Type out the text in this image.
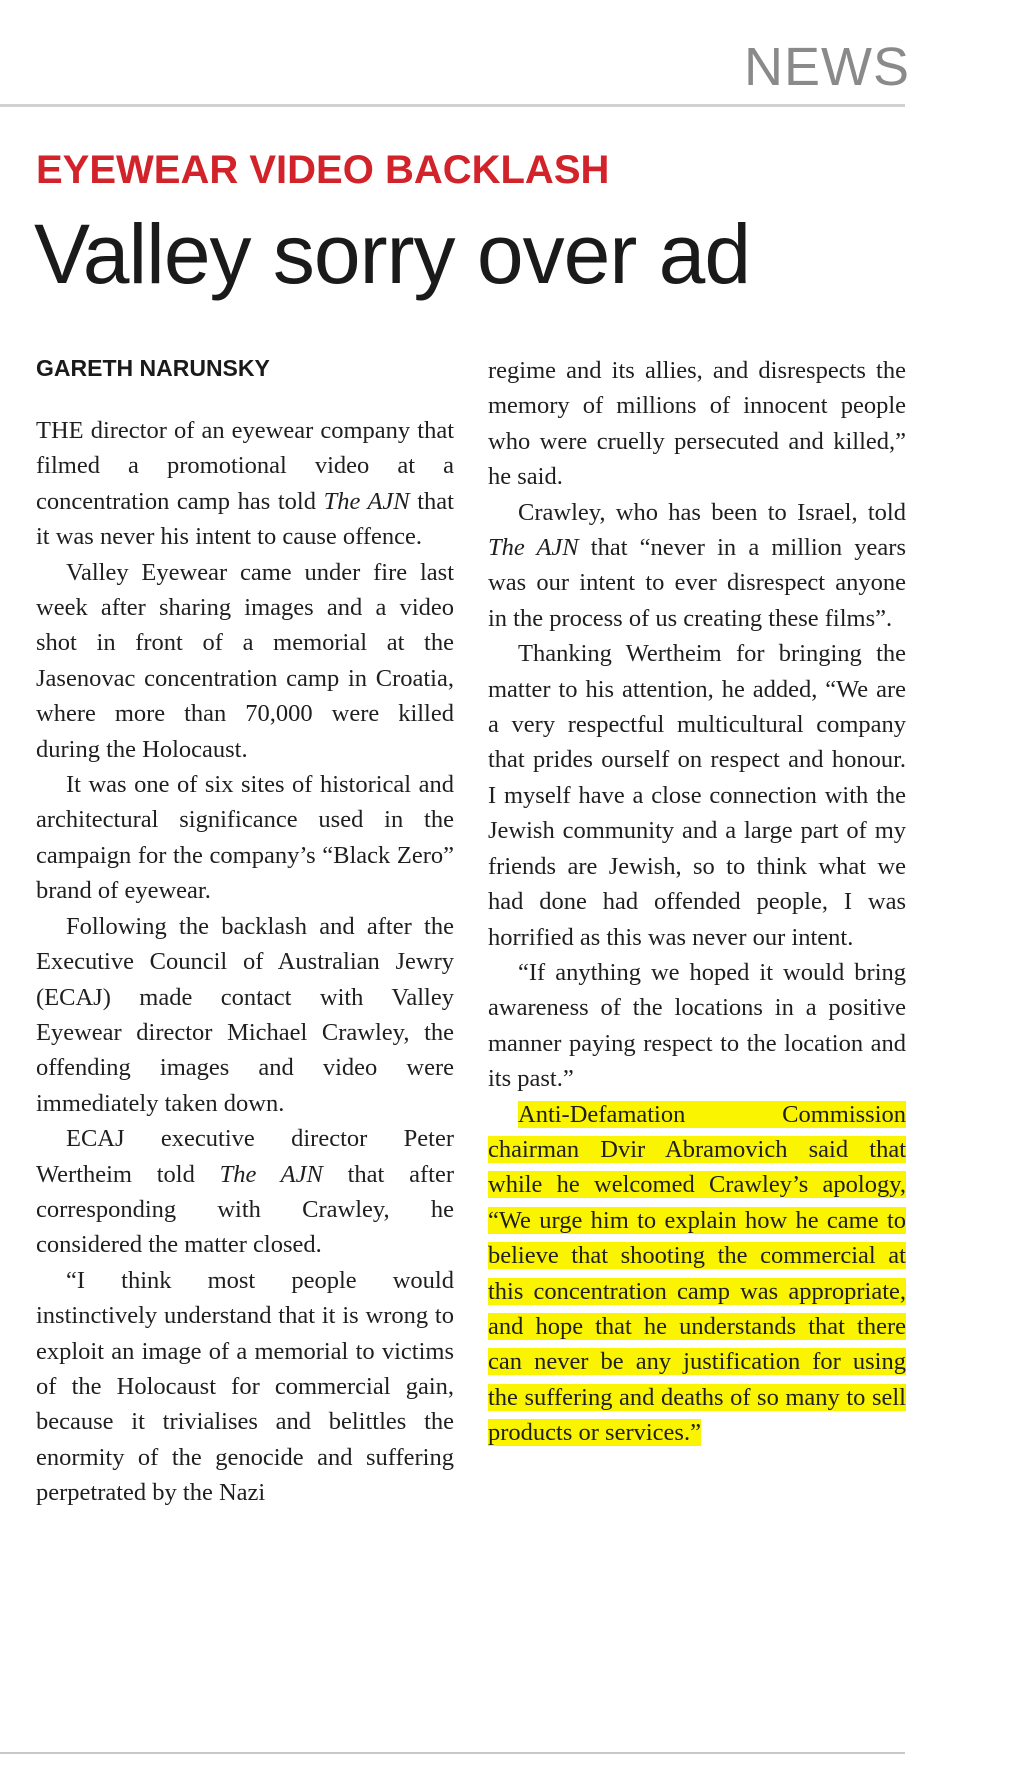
NEWS
EYEWEAR VIDEO BACKLASH
Valley sorry over ad
GARETH NARUNSKY

THE director of an eyewear company that filmed a promotional video at a concentration camp has told The AJN that it was never his intent to cause offence.

Valley Eyewear came under fire last week after sharing images and a video shot in front of a memorial at the Jasenovac concentration camp in Croatia, where more than 70,000 were killed during the Holocaust.

It was one of six sites of historical and architectural significance used in the campaign for the company’s “Black Zero” brand of eyewear.

Following the backlash and after the Executive Council of Australian Jewry (ECAJ) made contact with Valley Eyewear director Michael Crawley, the offending images and video were immediately taken down.

ECAJ executive director Peter Wertheim told The AJN that after corresponding with Crawley, he considered the matter closed.

“I think most people would instinctively understand that it is wrong to exploit an image of a memorial to victims of the Holocaust for commercial gain, because it trivialises and belittles the enormity of the genocide and suffering perpetrated by the Nazi

regime and its allies, and disrespects the memory of millions of innocent people who were cruelly persecuted and killed,” he said.

Crawley, who has been to Israel, told The AJN that “never in a million years was our intent to ever disrespect anyone in the process of us creating these films”.

Thanking Wertheim for bringing the matter to his attention, he added, “We are a very respectful multicultural company that prides ourself on respect and honour. I myself have a close connection with the Jewish community and a large part of my friends are Jewish, so to think what we had done had offended people, I was horrified as this was never our intent.

“If anything we hoped it would bring awareness of the locations in a positive manner paying respect to the location and its past.”

Anti-Defamation Commission chairman Dvir Abramovich said that while he welcomed Crawley’s apology, “We urge him to explain how he came to believe that shooting the commercial at this concentration camp was appropriate, and hope that he understands that there can never be any justification for using the suffering and deaths of so many to sell products or services.”
